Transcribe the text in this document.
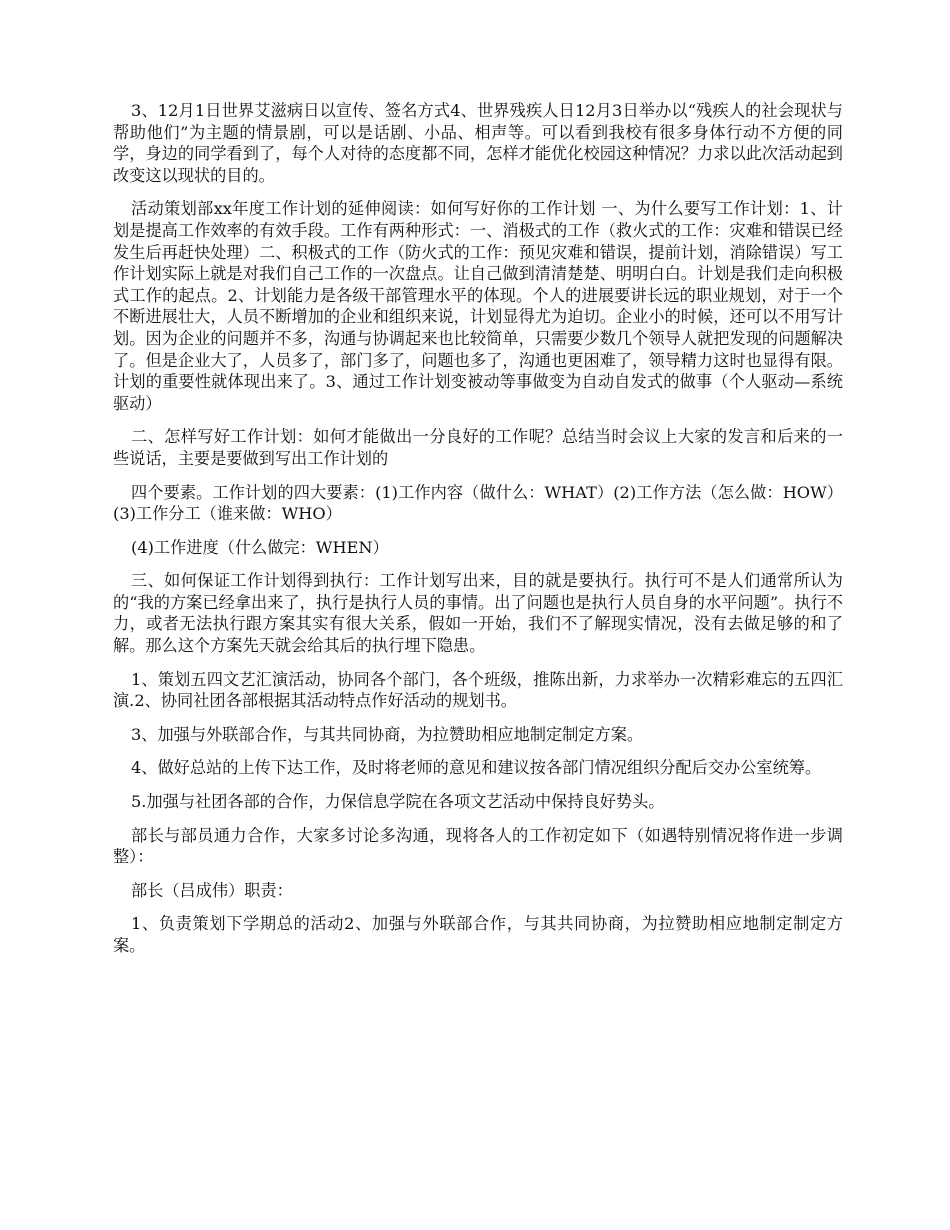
3、12月1日世界艾滋病日以宣传、签名方式4、世界残疾人日12月3日举办以“残疾人的社会现状与帮助他们”为主题的情景剧，可以是话剧、小品、相声等。可以看到我校有很多身体行动不方便的同学，身边的同学看到了，每个人对待的态度都不同，怎样才能优化校园这种情况？力求以此次活动起到改变这以现状的目的。

活动策划部xx年度工作计划的延伸阅读：如何写好你的工作计划 一、为什么要写工作计划：1、计划是提高工作效率的有效手段。工作有两种形式：一、消极式的工作（救火式的工作：灾难和错误已经发生后再赶快处理）二、积极式的工作（防火式的工作：预见灾难和错误，提前计划，消除错误）写工作计划实际上就是对我们自己工作的一次盘点。让自己做到清清楚楚、明明白白。计划是我们走向积极式工作的起点。2、计划能力是各级干部管理水平的体现。个人的进展要讲长远的职业规划，对于一个不断进展壮大，人员不断增加的企业和组织来说，计划显得尤为迫切。企业小的时候，还可以不用写计划。因为企业的问题并不多，沟通与协调起来也比较简单，只需要少数几个领导人就把发现的问题解决了。但是企业大了，人员多了，部门多了，问题也多了，沟通也更困难了，领导精力这时也显得有限。计划的重要性就体现出来了。3、通过工作计划变被动等事做变为自动自发式的做事（个人驱动—系统驱动）

二、怎样写好工作计划：如何才能做出一分良好的工作呢？总结当时会议上大家的发言和后来的一些说话，主要是要做到写出工作计划的

四个要素。工作计划的四大要素：(1)工作内容（做什么：WHAT）(2)工作方法（怎么做：HOW）(3)工作分工（谁来做：WHO）

(4)工作进度（什么做完：WHEN）

三、如何保证工作计划得到执行：工作计划写出来，目的就是要执行。执行可不是人们通常所认为的“我的方案已经拿出来了，执行是执行人员的事情。出了问题也是执行人员自身的水平问题”。执行不力，或者无法执行跟方案其实有很大关系，假如一开始，我们不了解现实情况，没有去做足够的和了解。那么这个方案先天就会给其后的执行埋下隐患。

1、策划五四文艺汇演活动，协同各个部门，各个班级，推陈出新，力求举办一次精彩难忘的五四汇演.2、协同社团各部根据其活动特点作好活动的规划书。

3、加强与外联部合作，与其共同协商，为拉赞助相应地制定制定方案。

4、做好总站的上传下达工作，及时将老师的意见和建议按各部门情况组织分配后交办公室统筹。

5.加强与社团各部的合作，力保信息学院在各项文艺活动中保持良好势头。

部长与部员通力合作，大家多讨论多沟通，现将各人的工作初定如下（如遇特别情况将作进一步调整）：

部长（吕成伟）职责：

1、负责策划下学期总的活动2、加强与外联部合作，与其共同协商，为拉赞助相应地制定制定方案。
